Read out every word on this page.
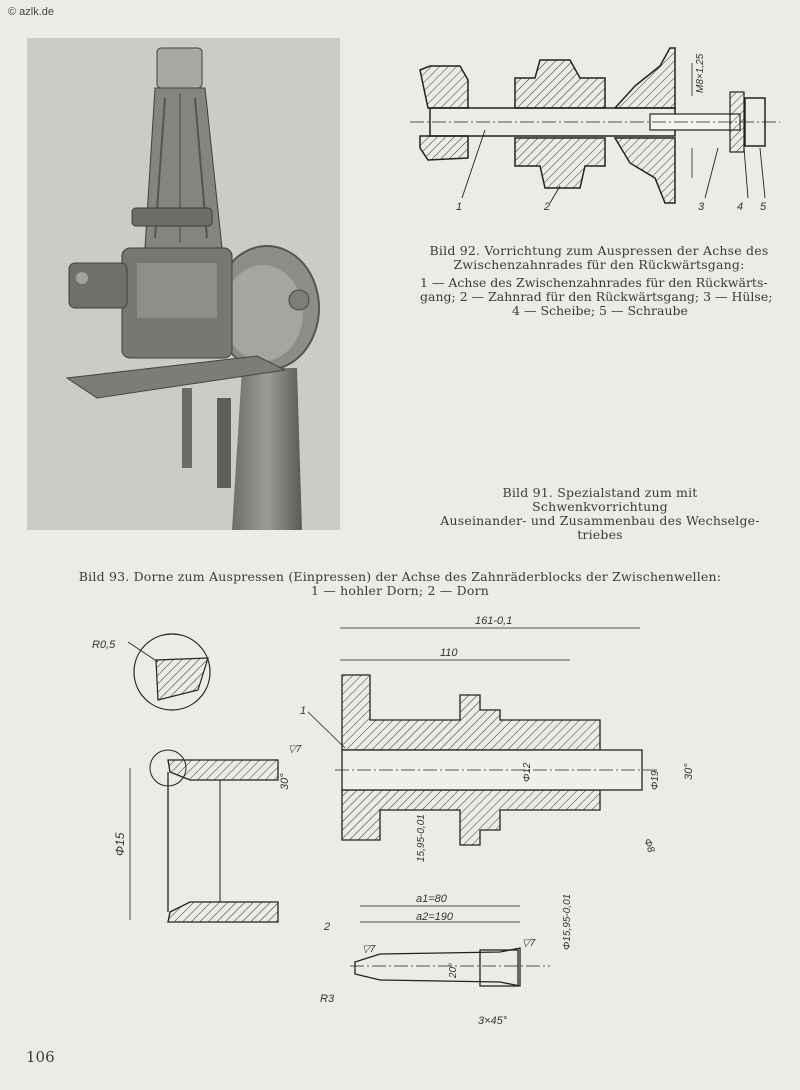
© azlk.de
1	2	3	4 5
M8×1,25
Bild 92. Vorrichtung zum Auspressen der Achse des
Zwischenzahnrades für den Rückwärtsgang:
1 — Achse des Zwischenzahnrades für den Rückwärts-
gang; 2 — Zahnrad für den Rückwärtsgang; 3 — Hülse;
4 — Scheibe; 5 — Schraube
Bild 91. Spezialstand zum mit Schwenkvorrichtung
Auseinander- und Zusammenbau des Wechselge-
triebes
Bild 93. Dorne zum Auspressen (Einpressen) der Achse des Zahnräderblocks der Zwischenwellen:
1 — hohler Dorn; 2 — Dorn
R0,5
Φ15
30°
161-0,1
110
1
Φ12	Φ19 30°
Φ8
15,95-0,01
▽7
a1=80
a2=190
2	Φ15,95-0,01
20°
R3
3×45°
▽7
▽7
106
